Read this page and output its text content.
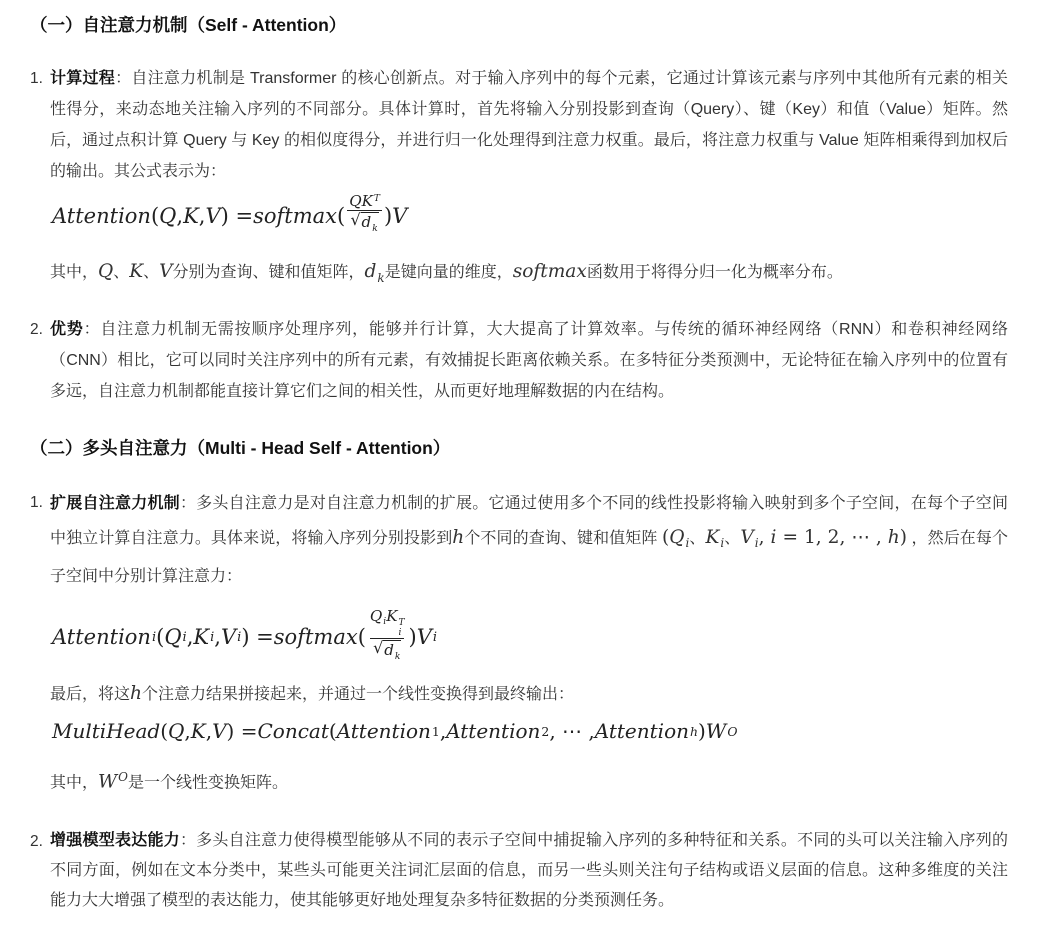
（一）自注意力机制（Self - Attention）
1. 计算过程：自注意力机制是 Transformer 的核心创新点。对于输入序列中的每个元素，它通过计算该元素与序列中其他所有元素的相关性得分，来动态地关注输入序列的不同部分。具体计算时，首先将输入分别投影到查询（Query）、键（Key）和值（Value）矩阵。然后，通过点积计算 Query 与 Key 的相似度得分，并进行归一化处理得到注意力权重。最后，将注意力权重与 Value 矩阵相乘得到加权后的输出。其公式表示为：

Attention ( Q , K , V ) = softmax ( $\frac{QK^T}{√ d_k}$ ) V

其中，Q、K、V分别为查询、键和值矩阵，$d_k$是键向量的维度，softmax函数用于将得分归一化为概率分布。

2. 优势：自注意力机制无需按顺序处理序列，能够并行计算，大大提高了计算效率。与传统的循环神经网络（RNN）和卷积神经网络（CNN）相比，它可以同时关注序列中的所有元素，有效捕捉长距离依赖关系。在多特征分类预测中，无论特征在输入序列中的位置有多远，自注意力机制都能直接计算它们之间的相关性，从而更好地理解数据的内在结构。

（二）多头自注意力（Multi - Head Self - Attention）
1. 扩展自注意力机制：多头自注意力是对自注意力机制的扩展。它通过使用多个不同的线性投影将输入映射到多个子空间，在每个子空间中独立计算自注意力。具体来说，将输入序列分别投影到h个不同的查询、键和值矩阵 ($Q_i$、$K_i$、$V_i$, i = 1, 2, ⋯ , h) ，然后在每个子空间中分别计算注意力：

Attention i ( Q i , K i , V i ) = softmax ( $Q_iK$ T
i
√ $d_k$ ) V i

最后，将这h个注意力结果拼接起来，并通过一个线性变换得到最终输出：

MultiHead ( Q , K , V ) = Concat ( Attention 1 , Attention 2 , ⋯ , Attention h ) W O

其中，$W^O$是一个线性变换矩阵。

2. 增强模型表达能力：多头自注意力使得模型能够从不同的表示子空间中捕捉输入序列的多种特征和关系。不同的头可以关注输入序列的不同方面，例如在文本分类中，某些头可能更关注词汇层面的信息，而另一些头则关注句子结构或语义层面的信息。这种多维度的关注能力大大增强了模型的表达能力，使其能够更好地处理复杂多特征数据的分类预测任务。
